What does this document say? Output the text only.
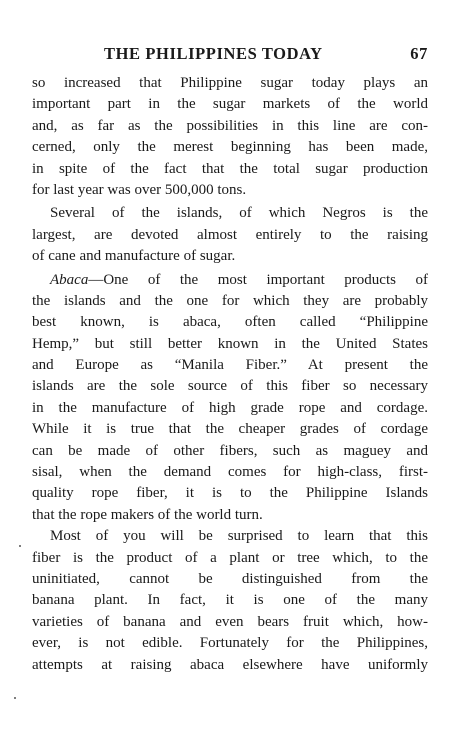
THE PHILIPPINES TODAY	67
so increased that Philippine sugar today plays an
important part in the sugar markets of the world
and, as far as the possibilities in this line are con-
cerned, only the merest beginning has been made,
in spite of the fact that the total sugar production
for last year was over 500,000 tons.
Several of the islands, of which Negros is the
largest, are devoted almost entirely to the raising
of cane and manufacture of sugar.
Abaca—One of the most important products of
the islands and the one for which they are probably
best known, is abaca, often called “Philippine
Hemp,” but still better known in the United States
and Europe as “Manila Fiber.” At present the
islands are the sole source of this fiber so necessary
in the manufacture of high grade rope and cordage.
While it is true that the cheaper grades of cordage
can be made of other fibers, such as maguey and
sisal, when the demand comes for high-class, first-
quality rope fiber, it is to the Philippine Islands
that the rope makers of the world turn.
Most of you will be surprised to learn that this
fiber is the product of a plant or tree which, to the
uninitiated, cannot be distinguished from the
banana plant. In fact, it is one of the many
varieties of banana and even bears fruit which, how-
ever, is not edible. Fortunately for the Philippines,
attempts at raising abaca elsewhere have uniformly
